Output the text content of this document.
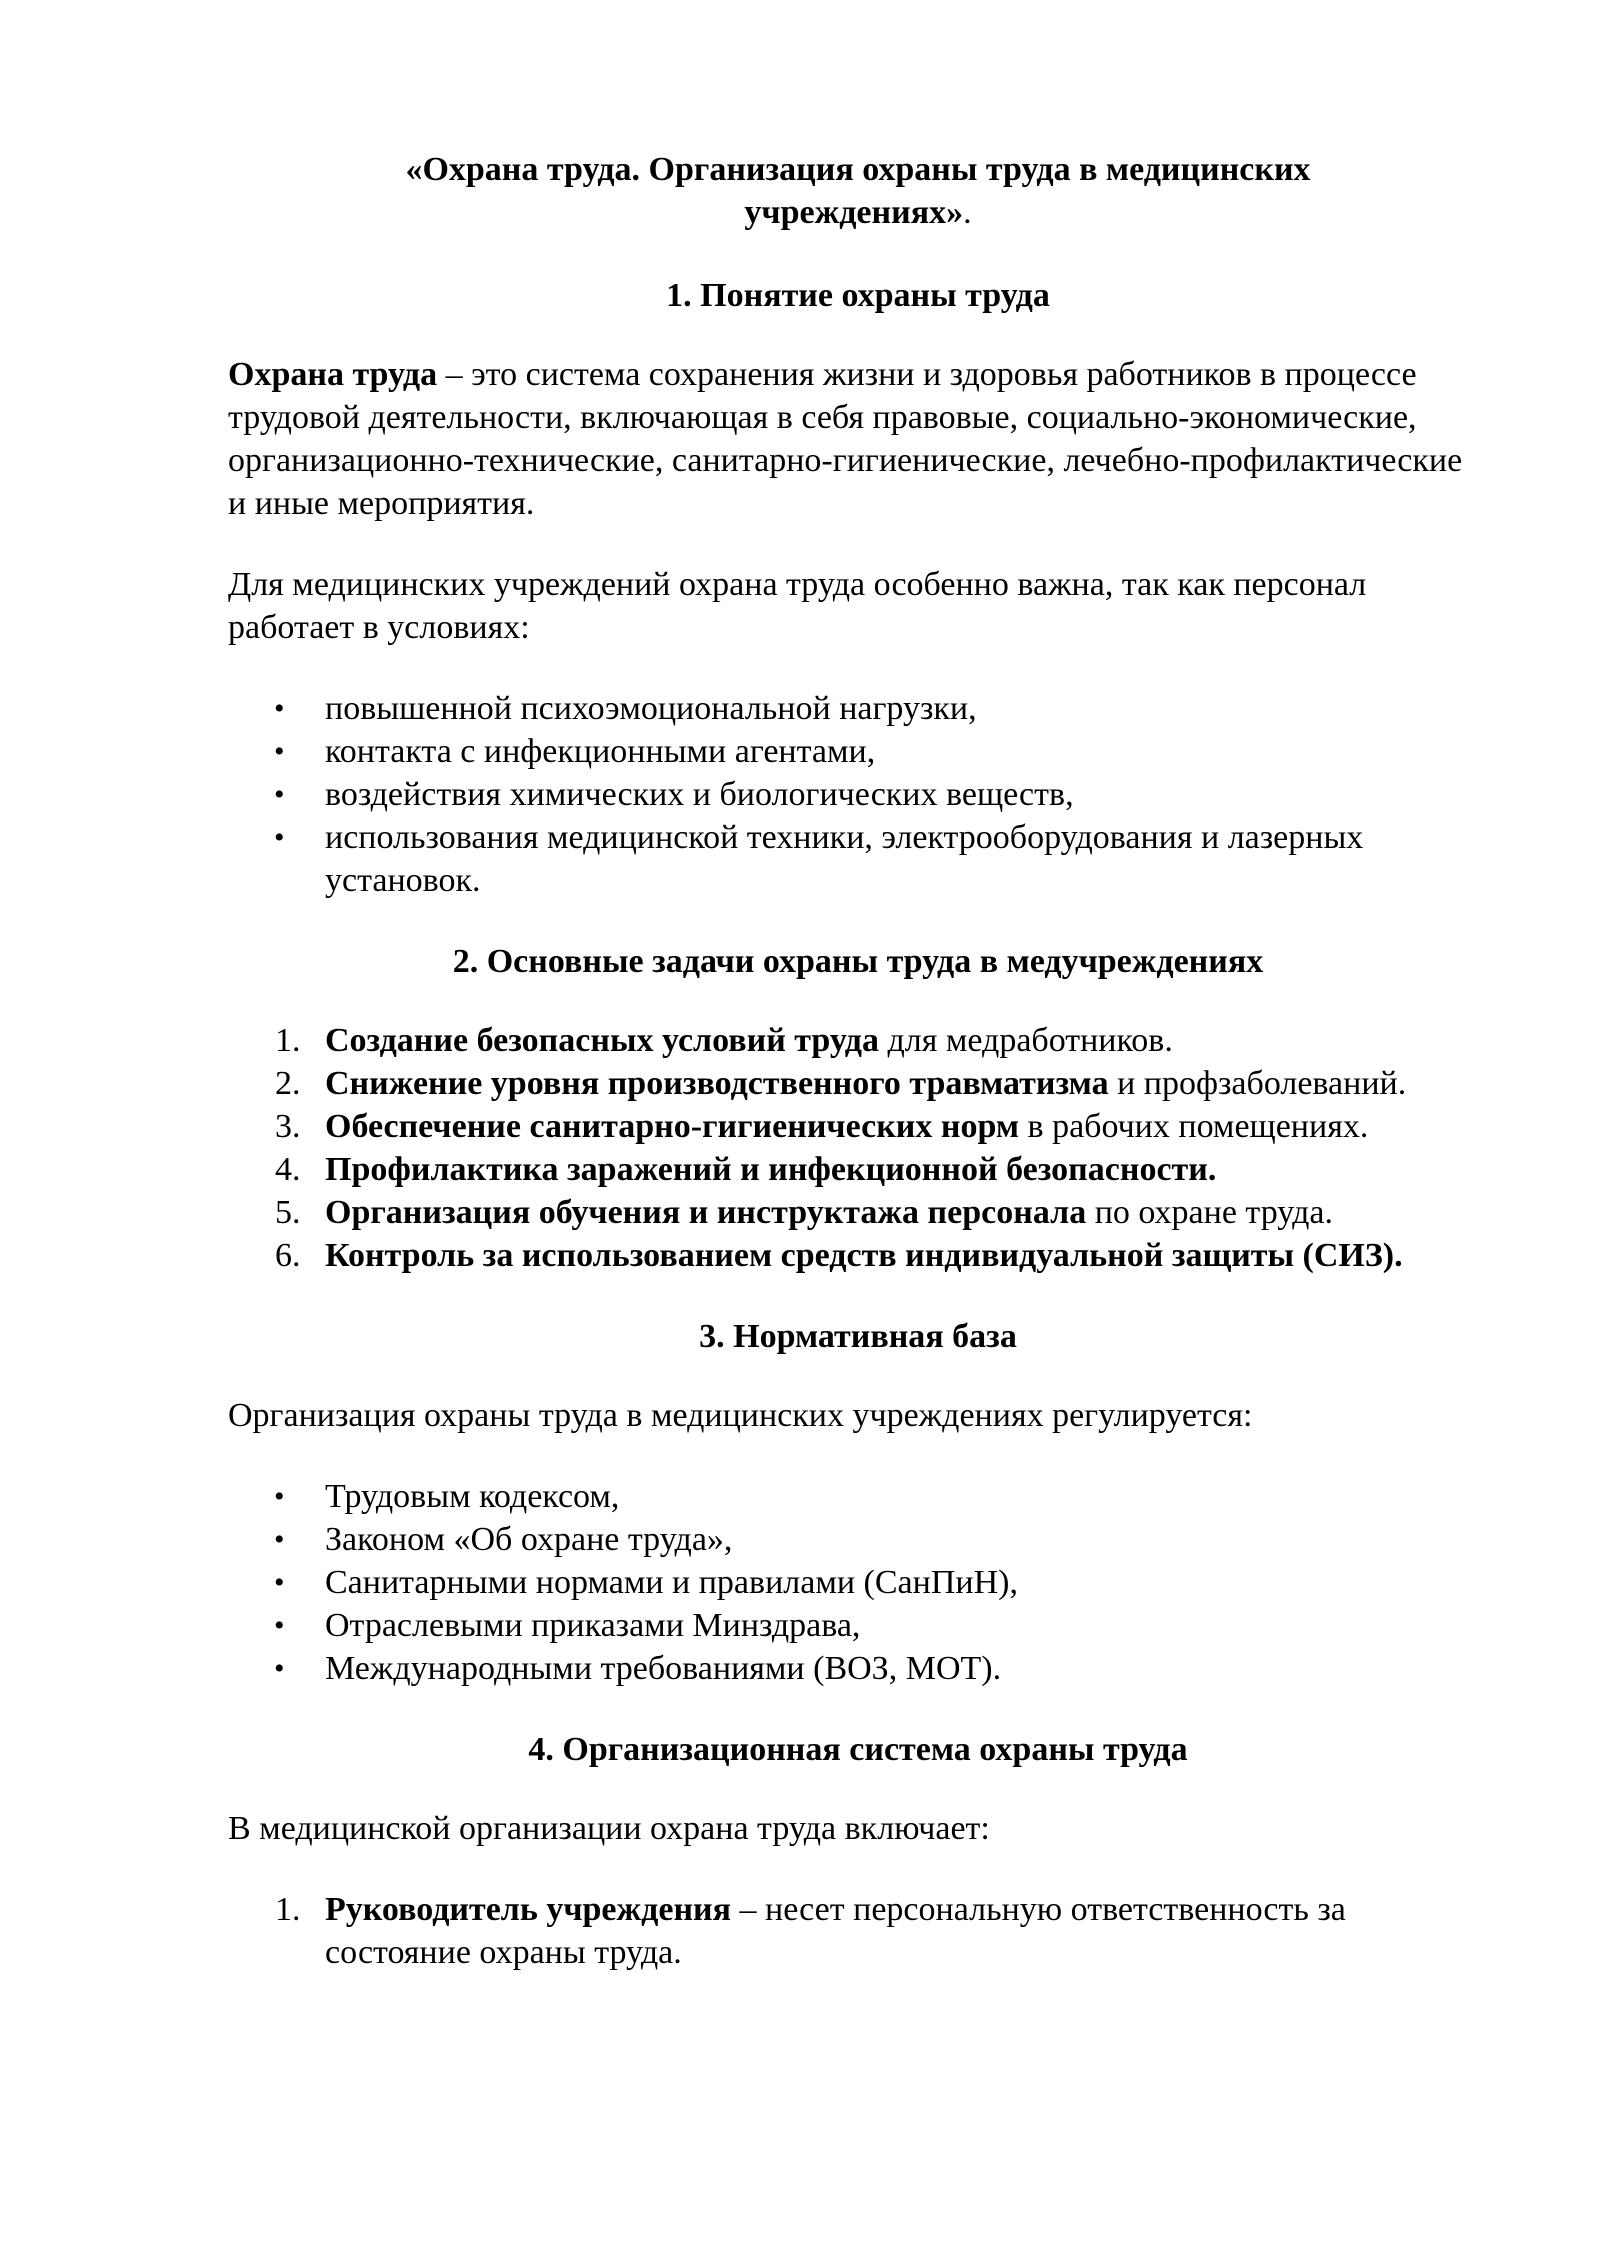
«Охрана труда. Организация охраны труда в медицинских учреждениях».
1. Понятие охраны труда

Охрана труда – это система сохранения жизни и здоровья работников в процессе трудовой деятельности, включающая в себя правовые, социально-экономические, организационно-технические, санитарно-гигиенические, лечебно-профилактические и иные мероприятия.

Для медицинских учреждений охрана труда особенно важна, так как персонал работает в условиях:

• повышенной психоэмоциональной нагрузки,
• контакта с инфекционными агентами,
• воздействия химических и биологических веществ,
• использования медицинской техники, электрооборудования и лазерных установок.
2. Основные задачи охраны труда в медучреждениях
1. Создание безопасных условий труда для медработников.
2. Снижение уровня производственного травматизма и профзаболеваний.
3. Обеспечение санитарно-гигиенических норм в рабочих помещениях.
4. Профилактика заражений и инфекционной безопасности.
5. Организация обучения и инструктажа персонала по охране труда.
6. Контроль за использованием средств индивидуальной защиты (СИЗ).
3. Нормативная база

Организация охраны труда в медицинских учреждениях регулируется:

• Трудовым кодексом,
• Законом «Об охране труда»,
• Санитарными нормами и правилами (СанПиН),
• Отраслевыми приказами Минздрава,
• Международными требованиями (ВОЗ, МОТ).
4. Организационная система охраны труда

В медицинской организации охрана труда включает:

1. Руководитель учреждения – несет персональную ответственность за состояние охраны труда.
